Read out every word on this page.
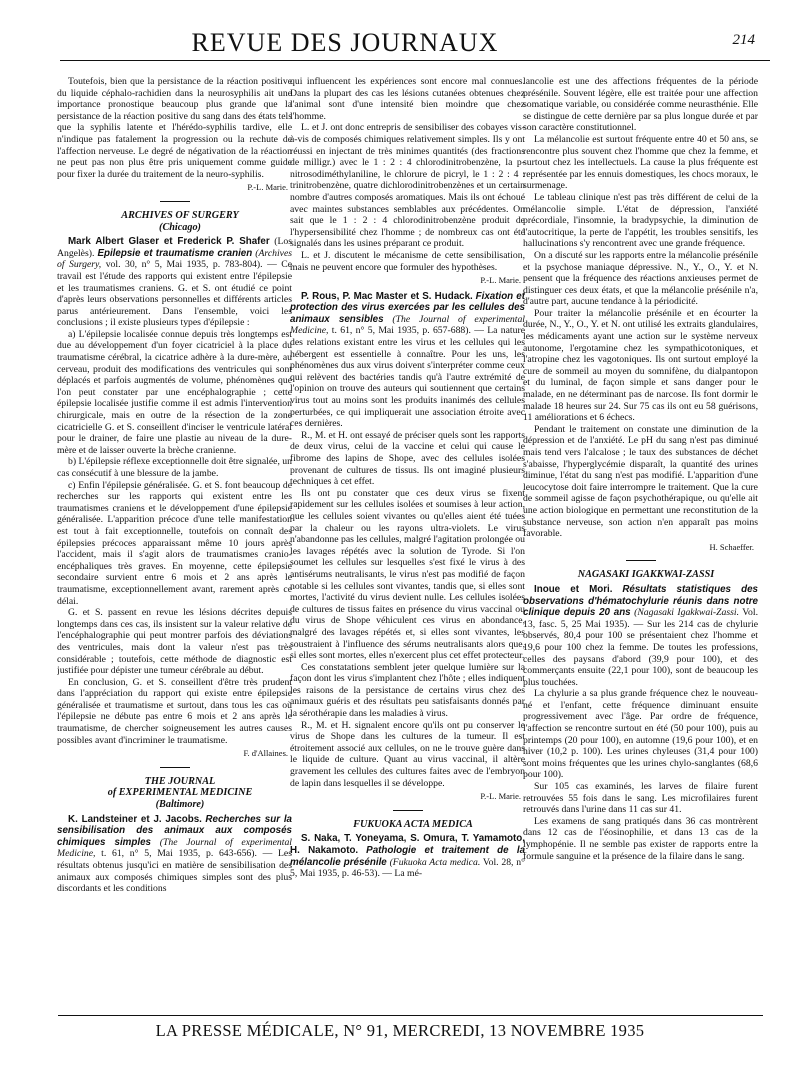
REVUE DES JOURNAUX	214

Toutefois, bien que la persistance de la réaction positive du liquide céphalo-rachidien dans la neurosyphilis ait une importance pronostique beaucoup plus grande que la persistance de la réaction positive du sang dans des états tels que la syphilis latente et l'hérédo-syphilis tardive, elle n'indique pas fatalement la progression ou la rechute de l'affection nerveuse. Le degré de négativation de la réaction ne peut pas non plus être pris uniquement comme guide pour fixer la durée du traitement de la neuro-syphilis.

P.-L. Marie.

ARCHIVES OF SURGERY

(Chicago)

Mark Albert Glaser et Frederick P. Shafer (Los Angelès). Epilepsie et traumatisme cranien (Archives of Surgery, vol. 30, n° 5, Mai 1935, p. 783-804). — Ce travail est l'étude des rapports qui existent entre l'épilepsie et les traumatismes craniens. G. et S. ont étudié ce point d'après leurs observations personnelles et différents articles parus antérieurement. Dans l'ensemble, voici les conclusions ; il existe plusieurs types d'épilepsie :

a) L'épilepsie localisée connue depuis très longtemps est due au développement d'un foyer cicatriciel à la place du traumatisme cérébral, la cicatrice adhère à la dure-mère, au cerveau, produit des modifications des ventricules qui sont déplacés et parfois augmentés de volume, phénomènes que l'on peut constater par une encéphalographie ; cette épilepsie localisée justifie comme il est admis l'intervention chirurgicale, mais en outre de la résection de la zone cicatricielle G. et S. conseillent d'inciser le ventricule latéral pour le drainer, de faire une plastie au niveau de la dure-mère et de laisser ouverte la brèche cranienne.

b) L'épilepsie réflexe exceptionnelle doit être signalée, un cas consécutif à une blessure de la jambe.

c) Enfin l'épilepsie généralisée. G. et S. font beaucoup de recherches sur les rapports qui existent entre les traumatismes craniens et le développement d'une épilepsie généralisée. L'apparition précoce d'une telle manifestation est tout à fait exceptionnelle, toutefois on connaît des épilepsies précoces apparaissant même 10 jours après l'accident, mais il s'agit alors de traumatismes cranio-encéphaliques très graves. En moyenne, cette épilepsie secondaire survient entre 6 mois et 2 ans après le traumatisme, exceptionnellement avant, rarement après ce délai.

G. et S. passent en revue les lésions décrites depuis longtemps dans ces cas, ils insistent sur la valeur relative de l'encéphalographie qui peut montrer parfois des déviations des ventricules, mais dont la valeur n'est pas très considérable ; toutefois, cette méthode de diagnostic est justifiée pour dépister une tumeur cérébrale au début.

En conclusion, G. et S. conseillent d'être très prudent dans l'appréciation du rapport qui existe entre épilepsie généralisée et traumatisme et surtout, dans tous les cas où l'épilepsie ne débute pas entre 6 mois et 2 ans après le traumatisme, de chercher soigneusement les autres causes possibles avant d'incriminer le traumatisme.

F. d'Allaines.

THE JOURNAL

of EXPERIMENTAL MEDICINE

(Baltimore)

K. Landsteiner et J. Jacobs. Recherches sur la sensibilisation des animaux aux composés chimiques simples (The Journal of experimental Medicine, t. 61, n° 5, Mai 1935, p. 643-656). — Les résultats obtenus jusqu'ici en matière de sensibilisation des animaux aux composés chimiques simples sont des plus discordants et les conditions

qui influencent les expériences sont encore mal connues. Dans la plupart des cas les lésions cutanées obtenues chez l'animal sont d'une intensité bien moindre que chez l'homme.

L. et J. ont donc entrepris de sensibiliser des cobayes vis-à-vis de composés chimiques relativement simples. Ils y ont réussi en injectant de très minimes quantités (des fractions de milligr.) avec le 1 : 2 : 4 chlorodinitrobenzène, la p-nitrosodiméthylaniline, le chlorure de picryl, le 1 : 2 : 4 : trinitrobenzène, quatre dichlorodinitrobenzènes et un certain nombre d'autres composés aromatiques. Mais ils ont échoué avec maintes substances semblables aux précédentes. On sait que le 1 : 2 : 4 chlorodinitrobenzène produit de l'hypersensibilité chez l'homme ; de nombreux cas ont été signalés dans les usines préparant ce produit.

L. et J. discutent le mécanisme de cette sensibilisation, mais ne peuvent encore que formuler des hypothèses.

P.-L. Marie.

P. Rous, P. Mac Master et S. Hudack. Fixation et protection des virus exercées par les cellules des animaux sensibles (The Journal of experimental Medicine, t. 61, n° 5, Mai 1935, p. 657-688). — La nature des relations existant entre les virus et les cellules qui les hébergent est essentielle à connaître. Pour les uns, les phénomènes dus aux virus doivent s'interpréter comme ceux qui relèvent des bactéries tandis qu'à l'autre extrémité de l'opinion on trouve des auteurs qui soutiennent que certains virus tout au moins sont les produits inanimés des cellules perturbées, ce qui impliquerait une association étroite avec ces dernières.

R., M. et H. ont essayé de préciser quels sont les rapports de deux virus, celui de la vaccine et celui qui cause le fibrome des lapins de Shope, avec des cellules isolées provenant de cultures de tissus. Ils ont imaginé plusieurs techniques à cet effet.

Ils ont pu constater que ces deux virus se fixent rapidement sur les cellules isolées et soumises à leur action, que les cellules soient vivantes ou qu'elles aient été tuées par la chaleur ou les rayons ultra-violets. Le virus n'abandonne pas les cellules, malgré l'agitation prolongée ou les lavages répétés avec la solution de Tyrode. Si l'on soumet les cellules sur lesquelles s'est fixé le virus à des antisérums neutralisants, le virus n'est pas modifié de façon notable si les cellules sont vivantes, tandis que, si elles sont mortes, l'activité du virus devient nulle. Les cellules isolées de cultures de tissus faites en présence du virus vaccinal ou du virus de Shope véhiculent ces virus en abondance, malgré des lavages répétés et, si elles sont vivantes, les soustraient à l'influence des sérums neutralisants alors que, si elles sont mortes, elles n'exercent plus cet effet protecteur.

Ces constatations semblent jeter quelque lumière sur la façon dont les virus s'implantent chez l'hôte ; elles indiquent les raisons de la persistance de certains virus chez des animaux guéris et des résultats peu satisfaisants donnés par la sérothérapie dans les maladies à virus.

R., M. et H. signalent encore qu'ils ont pu conserver le virus de Shope dans les cultures de la tumeur. Il est étroitement associé aux cellules, on ne le trouve guère dans le liquide de culture. Quant au virus vaccinal, il altère gravement les cellules des cultures faites avec de l'embryon de lapin dans lesquelles il se développe.

P.-L. Marie.

FUKUOKA ACTA MEDICA

S. Naka, T. Yoneyama, S. Omura, T. Yamamoto, H. Nakamoto. Pathologie et traitement de la mélancolie présénile (Fukuoka Acta medica. Vol. 28, n° 5, Mai 1935, p. 46-53). — La mé-

lancolie est une des affections fréquentes de la période présénile. Souvent légère, elle est traitée pour une affection somatique variable, ou considérée comme neurasthénie. Elle se distingue de cette dernière par sa plus longue durée et par son caractère constitutionnel.

La mélancolie est surtout fréquente entre 40 et 50 ans, se rencontre plus souvent chez l'homme que chez la femme, et surtout chez les intellectuels. La cause la plus fréquente est représentée par les ennuis domestiques, les chocs moraux, le surmenage.

Le tableau clinique n'est pas très différent de celui de la mélancolie simple. L'état de dépression, l'anxiété précordiale, l'insomnie, la bradypsychie, la diminution de l'autocritique, la perte de l'appétit, les troubles sensitifs, les hallucinations s'y rencontrent avec une grande fréquence.

On a discuté sur les rapports entre la mélancolie présénile et la psychose maniaque dépressive. N., Y., O., Y. et N. pensent que la fréquence des réactions anxieuses permet de distinguer ces deux états, et que la mélancolie présénile n'a, d'autre part, aucune tendance à la périodicité.

Pour traiter la mélancolie présénile et en écourter la durée, N., Y., O., Y. et N. ont utilisé les extraits glandulaires, les médicaments ayant une action sur le système nerveux autonome, l'ergotamine chez les sympathicotoniques, et l'atropine chez les vagotoniques. Ils ont surtout employé la cure de sommeil au moyen du somnifène, du dialpantopon et du luminal, de façon simple et sans danger pour le malade, en ne déterminant pas de narcose. Ils font dormir le malade 18 heures sur 24. Sur 75 cas ils ont eu 58 guérisons, 11 améliorations et 6 échecs.

Pendant le traitement on constate une diminution de la dépression et de l'anxiété. Le pH du sang n'est pas diminué mais tend vers l'alcalose ; le taux des substances de déchet s'abaisse, l'hyperglycémie disparaît, la quantité des urines diminue, l'état du sang n'est pas modifié. L'apparition d'une leucocytose doit faire interrompre le traitement. Que la cure de sommeil agisse de façon psychothérapique, ou qu'elle ait une action biologique en permettant une reconstitution de la substance nerveuse, son action n'en apparaît pas moins favorable.

H. Schaeffer.

NAGASAKI IGAKKWAI-ZASSI

Inoue et Mori. Résultats statistiques des observations d'hématochylurie réunis dans notre clinique depuis 20 ans (Nagasaki Igakkwai-Zassi. Vol. 13, fasc. 5, 25 Mai 1935). — Sur les 214 cas de chylurie observés, 80,4 pour 100 se présentaient chez l'homme et 19,6 pour 100 chez la femme. De toutes les professions, celles des paysans d'abord (39,9 pour 100), et des commerçants ensuite (22,1 pour 100), sont de beaucoup les plus touchées.

La chylurie a sa plus grande fréquence chez le nouveau-né et l'enfant, cette fréquence diminuant ensuite progressivement avec l'âge. Par ordre de fréquence, l'affection se rencontre surtout en été (50 pour 100), puis au printemps (20 pour 100), en automne (19,6 pour 100), et en hiver (10,2 p. 100). Les urines chyleuses (31,4 pour 100) sont moins fréquentes que les urines chylo-sanglantes (68,6 pour 100).

Sur 105 cas examinés, les larves de filaire furent retrouvées 55 fois dans le sang. Les microfilaires furent retrouvés dans l'urine dans 11 cas sur 41.

Les examens de sang pratiqués dans 36 cas montrèrent dans 12 cas de l'éosinophilie, et dans 13 cas de la lymphopénie. Il ne semble pas exister de rapports entre la formule sanguine et la présence de la filaire dans le sang.

LA PRESSE MÉDICALE, N° 91, MERCREDI, 13 NOVEMBRE 1935
